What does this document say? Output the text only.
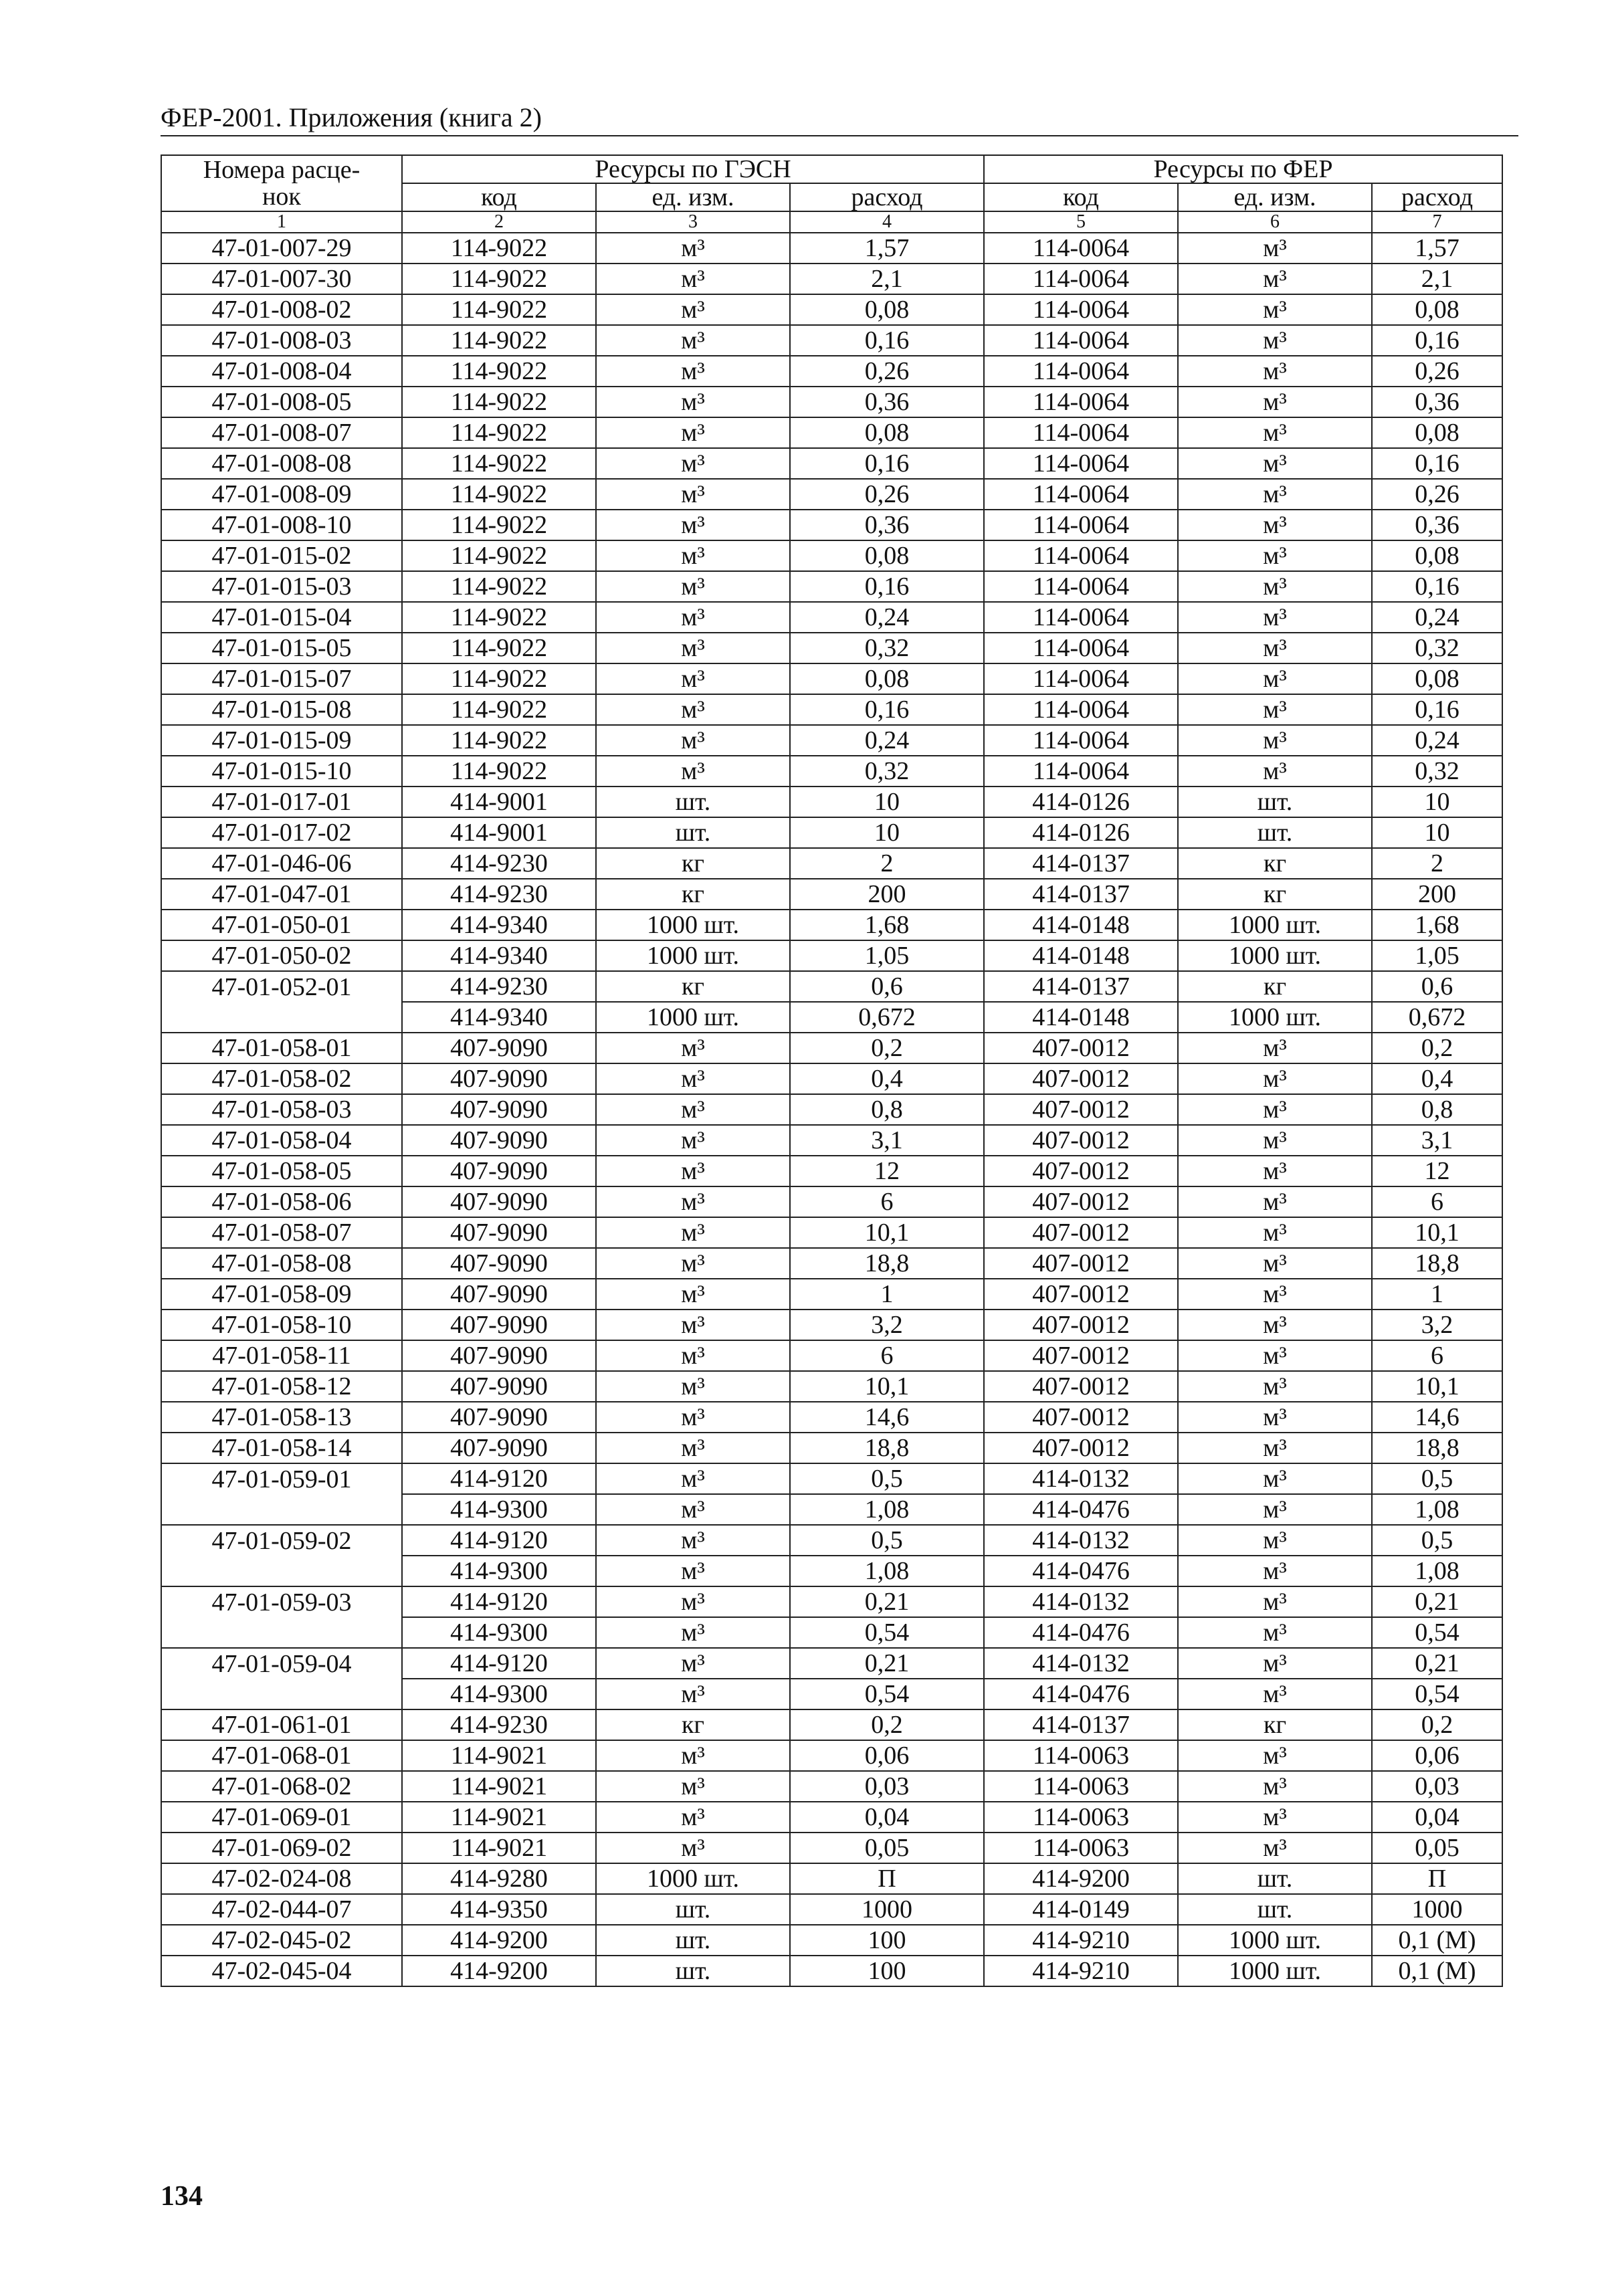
ФЕР-2001. Приложения (книга 2)
Номера расце-
нок	Ресурсы по ГЭСН			Ресурсы по ФЕР		
	код	ед. изм.	расход	код	ед. изм.	расход
1	2	3	4	5	6	7
47-01-007-29	114-9022	м³	1,57	114-0064	м³	1,57
47-01-007-30	114-9022	м³	2,1	114-0064	м³	2,1
47-01-008-02	114-9022	м³	0,08	114-0064	м³	0,08
47-01-008-03	114-9022	м³	0,16	114-0064	м³	0,16
47-01-008-04	114-9022	м³	0,26	114-0064	м³	0,26
47-01-008-05	114-9022	м³	0,36	114-0064	м³	0,36
47-01-008-07	114-9022	м³	0,08	114-0064	м³	0,08
47-01-008-08	114-9022	м³	0,16	114-0064	м³	0,16
47-01-008-09	114-9022	м³	0,26	114-0064	м³	0,26
47-01-008-10	114-9022	м³	0,36	114-0064	м³	0,36
47-01-015-02	114-9022	м³	0,08	114-0064	м³	0,08
47-01-015-03	114-9022	м³	0,16	114-0064	м³	0,16
47-01-015-04	114-9022	м³	0,24	114-0064	м³	0,24
47-01-015-05	114-9022	м³	0,32	114-0064	м³	0,32
47-01-015-07	114-9022	м³	0,08	114-0064	м³	0,08
47-01-015-08	114-9022	м³	0,16	114-0064	м³	0,16
47-01-015-09	114-9022	м³	0,24	114-0064	м³	0,24
47-01-015-10	114-9022	м³	0,32	114-0064	м³	0,32
47-01-017-01	414-9001	шт.	10	414-0126	шт.	10
47-01-017-02	414-9001	шт.	10	414-0126	шт.	10
47-01-046-06	414-9230	кг	2	414-0137	кг	2
47-01-047-01	414-9230	кг	200	414-0137	кг	200
47-01-050-01	414-9340	1000 шт.	1,68	414-0148	1000 шт.	1,68
47-01-050-02	414-9340	1000 шт.	1,05	414-0148	1000 шт.	1,05
47-01-052-01	414-9230	кг	0,6	414-0137	кг	0,6
	414-9340	1000 шт.	0,672	414-0148	1000 шт.	0,672
47-01-058-01	407-9090	м³	0,2	407-0012	м³	0,2
47-01-058-02	407-9090	м³	0,4	407-0012	м³	0,4
47-01-058-03	407-9090	м³	0,8	407-0012	м³	0,8
47-01-058-04	407-9090	м³	3,1	407-0012	м³	3,1
47-01-058-05	407-9090	м³	12	407-0012	м³	12
47-01-058-06	407-9090	м³	6	407-0012	м³	6
47-01-058-07	407-9090	м³	10,1	407-0012	м³	10,1
47-01-058-08	407-9090	м³	18,8	407-0012	м³	18,8
47-01-058-09	407-9090	м³	1	407-0012	м³	1
47-01-058-10	407-9090	м³	3,2	407-0012	м³	3,2
47-01-058-11	407-9090	м³	6	407-0012	м³	6
47-01-058-12	407-9090	м³	10,1	407-0012	м³	10,1
47-01-058-13	407-9090	м³	14,6	407-0012	м³	14,6
47-01-058-14	407-9090	м³	18,8	407-0012	м³	18,8
47-01-059-01	414-9120	м³	0,5	414-0132	м³	0,5
	414-9300	м³	1,08	414-0476	м³	1,08
47-01-059-02	414-9120	м³	0,5	414-0132	м³	0,5
	414-9300	м³	1,08	414-0476	м³	1,08
47-01-059-03	414-9120	м³	0,21	414-0132	м³	0,21
	414-9300	м³	0,54	414-0476	м³	0,54
47-01-059-04	414-9120	м³	0,21	414-0132	м³	0,21
	414-9300	м³	0,54	414-0476	м³	0,54
47-01-061-01	414-9230	кг	0,2	414-0137	кг	0,2
47-01-068-01	114-9021	м³	0,06	114-0063	м³	0,06
47-01-068-02	114-9021	м³	0,03	114-0063	м³	0,03
47-01-069-01	114-9021	м³	0,04	114-0063	м³	0,04
47-01-069-02	114-9021	м³	0,05	114-0063	м³	0,05
47-02-024-08	414-9280	1000 шт.	П	414-9200	шт.	П
47-02-044-07	414-9350	шт.	1000	414-0149	шт.	1000
47-02-045-02	414-9200	шт.	100	414-9210	1000 шт.	0,1 (М)
47-02-045-04	414-9200	шт.	100	414-9210	1000 шт.	0,1 (М)
134
